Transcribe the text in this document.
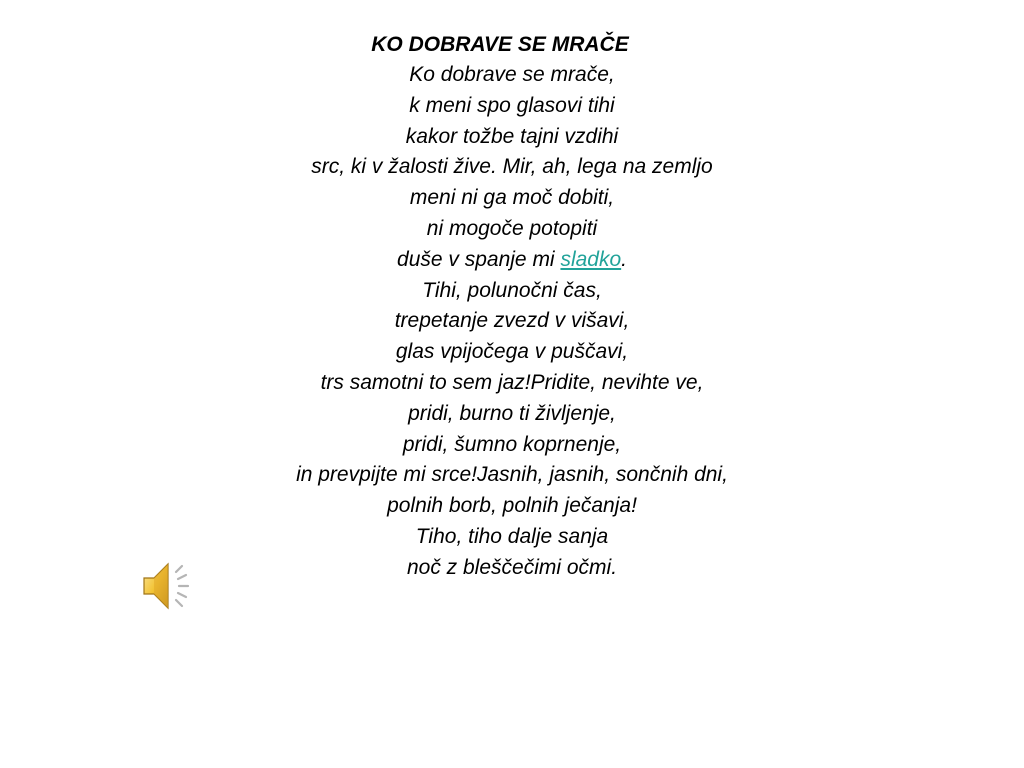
KO DOBRAVE SE MRAČE
Ko dobrave se mrače,
k meni spo glasovi tihi
kakor tožbe tajni vzdihi
src, ki v žalosti žive. Mir, ah, lega na zemljo
meni ni ga moč dobiti,
ni mogoče potopiti
duše v spanje mi sladko.
Tihi, polunočni čas,
trepetanje zvezd v višavi,
glas vpijočega v puščavi,
trs samotni to sem jaz!Pridite, nevihte ve,
pridi, burno ti življenje,
pridi, šumno koprnenje,
in prevpijte mi srce!Jasnih, jasnih, sončnih dni,
polnih borb, polnih ječanja!
Tiho, tiho dalje sanja
noč z bleščečimi očmi.
